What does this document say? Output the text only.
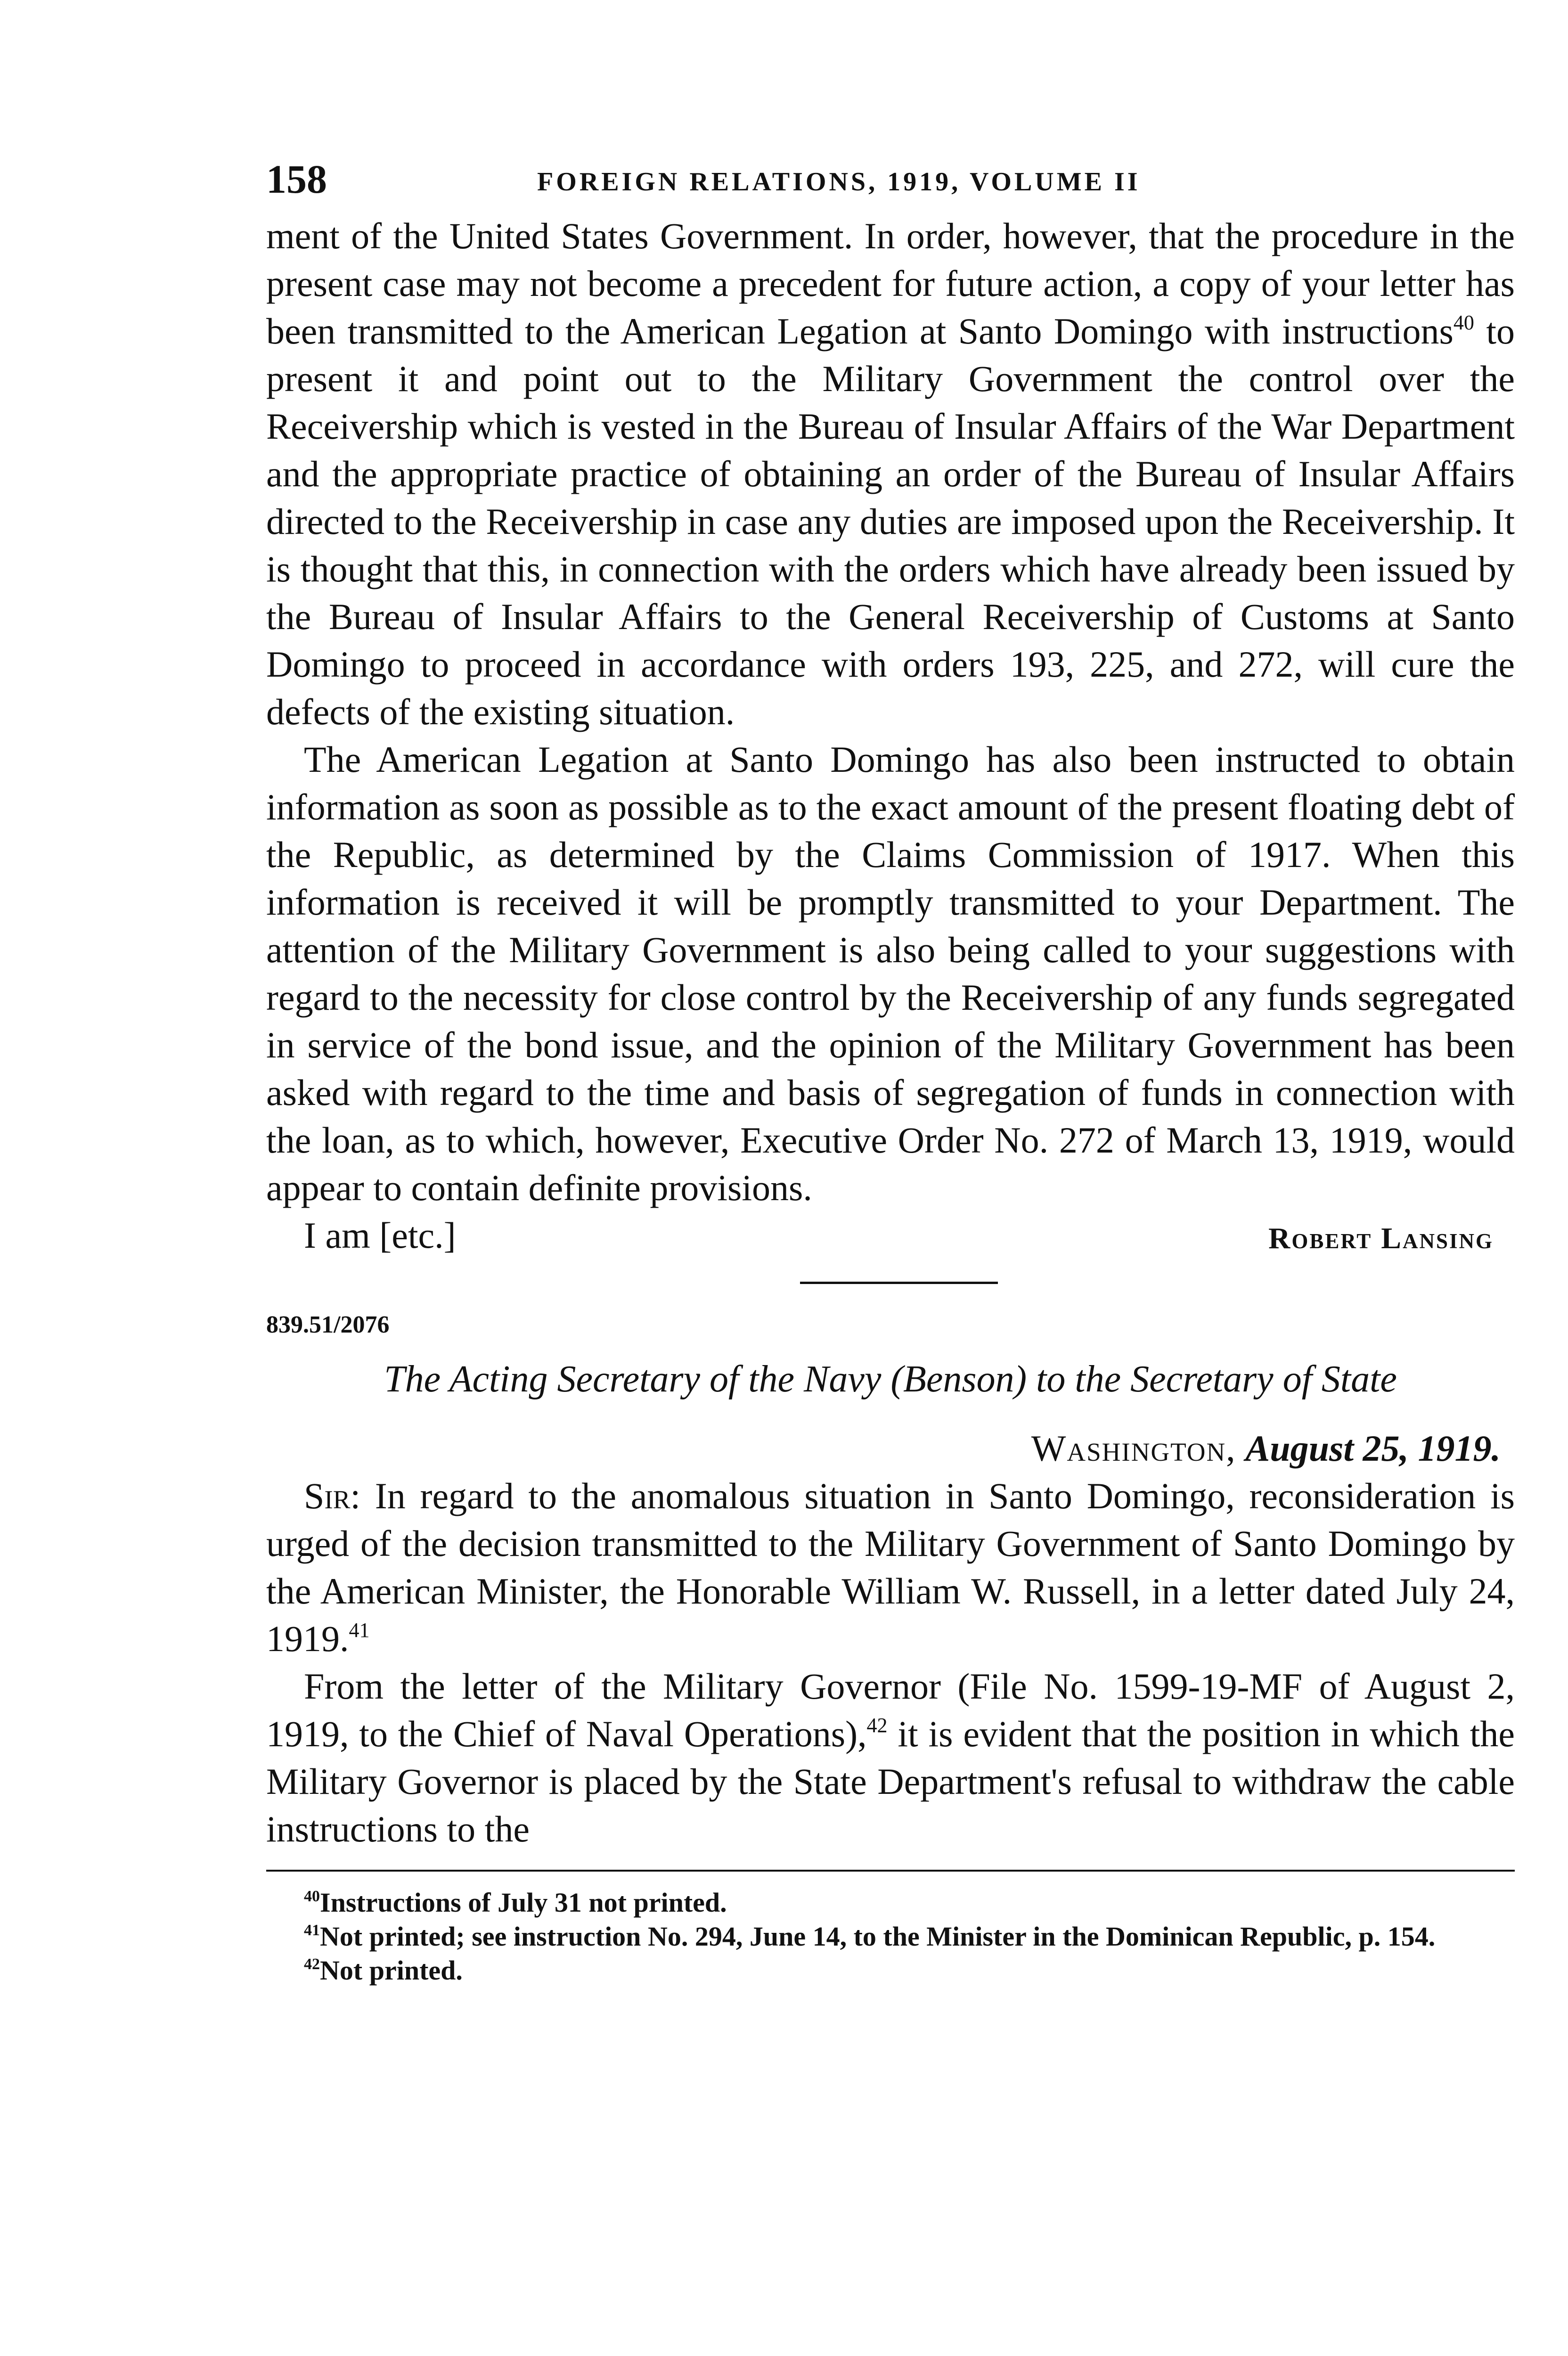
158	FOREIGN RELATIONS, 1919, VOLUME II

ment of the United States Government. In order, however, that the procedure in the present case may not become a precedent for future action, a copy of your letter has been transmitted to the American Legation at Santo Domingo with instructions$^{40}$ to present it and point out to the Military Government the control over the Receivership which is vested in the Bureau of Insular Affairs of the War Department and the appropriate practice of obtaining an order of the Bureau of Insular Affairs directed to the Receivership in case any duties are imposed upon the Receivership. It is thought that this, in connection with the orders which have already been issued by the Bureau of Insular Affairs to the General Receivership of Customs at Santo Domingo to proceed in accordance with orders 193, 225, and 272, will cure the defects of the existing situation.

The American Legation at Santo Domingo has also been instructed to obtain information as soon as possible as to the exact amount of the present floating debt of the Republic, as determined by the Claims Commission of 1917. When this information is received it will be promptly transmitted to your Department. The attention of the Military Government is also being called to your suggestions with regard to the necessity for close control by the Receivership of any funds segregated in service of the bond issue, and the opinion of the Military Government has been asked with regard to the time and basis of segregation of funds in connection with the loan, as to which, however, Executive Order No. 272 of March 13, 1919, would appear to contain definite provisions.

I am [etc.]	Robert Lansing

839.51/2076

The Acting Secretary of the Navy (Benson) to the Secretary of State

Washington, August 25, 1919.

Sir: In regard to the anomalous situation in Santo Domingo, reconsideration is urged of the decision transmitted to the Military Government of Santo Domingo by the American Minister, the Honorable William W. Russell, in a letter dated July 24, 1919.41

From the letter of the Military Governor (File No. 1599-19-MF of August 2, 1919, to the Chief of Naval Operations),$^{42}$ it is evident that the position in which the Military Governor is placed by the State Department's refusal to withdraw the cable instructions to the

$^{40}$Instructions of July 31 not printed.

$^{41}$Not printed; see instruction No. 294, June 14, to the Minister in the Dominican Republic, p. 154.

$^{42}$Not printed.
